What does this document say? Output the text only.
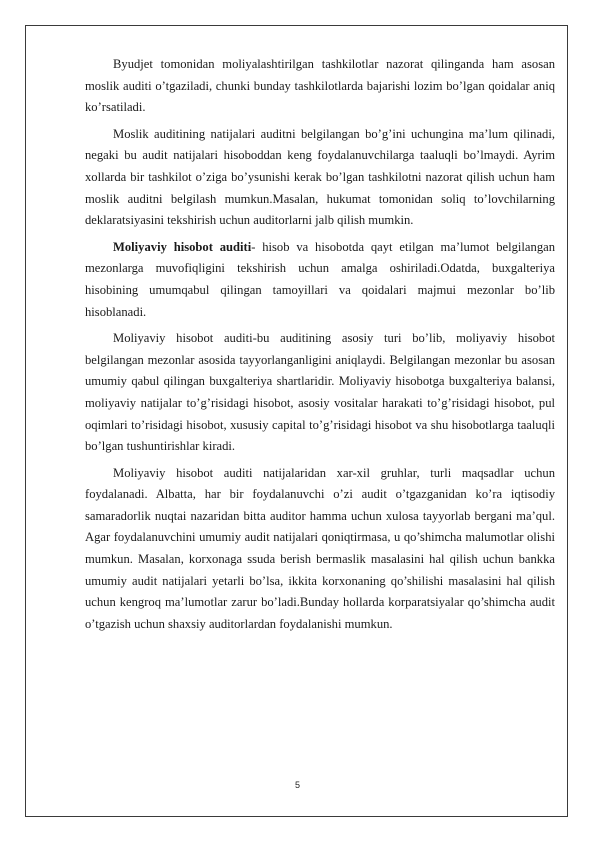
Byudjet tomonidan moliyalashtirilgan tashkilotlar nazorat qilinganda ham asosan moslik auditi o’tgaziladi, chunki bunday tashkilotlarda bajarishi lozim bo’lgan qoidalar aniq ko’rsatiladi.

Moslik auditining natijalari auditni belgilangan bo’g’ini uchungina ma’lum qilinadi, negaki bu audit natijalari hisoboddan keng foydalanuvchilarga taaluqli bo’lmaydi. Ayrim xollarda bir tashkilot o’ziga bo’ysunishi kerak bo’lgan tashkilotni nazorat qilish uchun ham moslik auditni belgilash mumkun.Masalan, hukumat tomonidan soliq to’lovchilarning deklaratsiyasini tekshirish uchun auditorlarni jalb qilish mumkin.

Moliyaviy hisobot auditi- hisob va hisobotda qayt etilgan ma’lumot belgilangan mezonlarga muvofiqligini tekshirish uchun amalga oshiriladi.Odatda, buxgalteriya hisobining umumqabul qilingan tamoyillari va qoidalari majmui mezonlar bo’lib hisoblanadi.

Moliyaviy hisobot auditi-bu auditining asosiy turi bo’lib, moliyaviy hisobot belgilangan mezonlar asosida tayyorlanganligini aniqlaydi. Belgilangan mezonlar bu asosan umumiy qabul qilingan buxgalteriya shartlaridir. Moliyaviy hisobotga buxgalteriya balansi, moliyaviy natijalar to’g’risidagi hisobot, asosiy vositalar harakati to’g’risidagi hisobot, pul oqimlari to’risidagi hisobot, xususiy capital to’g’risidagi hisobot va shu hisobotlarga taaluqli bo’lgan tushuntirishlar kiradi.

Moliyaviy hisobot auditi natijalaridan xar-xil gruhlar, turli maqsadlar uchun foydalanadi. Albatta, har bir foydalanuvchi o’zi audit o’tgazganidan ko’ra iqtisodiy samaradorlik nuqtai nazaridan bitta auditor hamma uchun xulosa tayyorlab bergani ma’qul. Agar foydalanuvchini umumiy audit natijalari qoniqtirmasa, u qo’shimcha malumotlar olishi mumkun. Masalan, korxonaga ssuda berish bermaslik masalasini hal qilish uchun bankka umumiy audit natijalari yetarli bo’lsa, ikkita korxonaning qo’shilishi masalasini hal qilish uchun kengroq ma’lumotlar zarur bo’ladi.Bunday hollarda korparatsiyalar qo’shimcha audit o’tgazish uchun shaxsiy auditorlardan foydalanishi mumkun.

5
